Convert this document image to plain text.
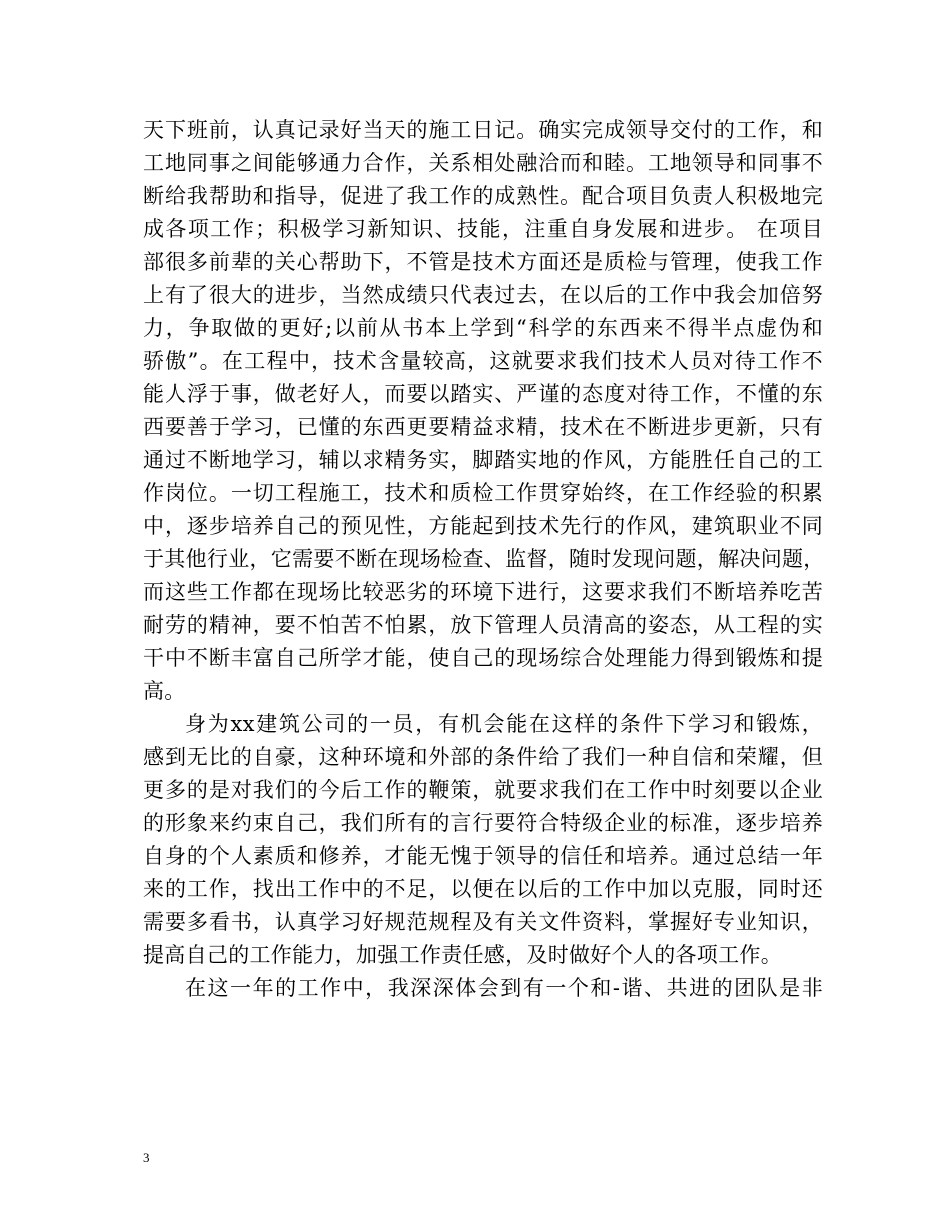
天下班前，认真记录好当天的施工日记。确实完成领导交付的工作，和
工地同事之间能够通力合作，关系相处融洽而和睦。工地领导和同事不
断给我帮助和指导，促进了我工作的成熟性。配合项目负责人积极地完
成各项工作；积极学习新知识、技能，注重自身发展和进步。 在项目
部很多前辈的关心帮助下，不管是技术方面还是质检与管理，使我工作
上有了很大的进步，当然成绩只代表过去，在以后的工作中我会加倍努
力，争取做的更好;以前从书本上学到“科学的东西来不得半点虚伪和
骄傲”。在工程中，技术含量较高，这就要求我们技术人员对待工作不
能人浮于事，做老好人，而要以踏实、严谨的态度对待工作，不懂的东
西要善于学习，已懂的东西更要精益求精，技术在不断进步更新，只有
通过不断地学习，辅以求精务实，脚踏实地的作风，方能胜任自己的工
作岗位。一切工程施工，技术和质检工作贯穿始终，在工作经验的积累
中，逐步培养自己的预见性，方能起到技术先行的作风，建筑职业不同
于其他行业，它需要不断在现场检查、监督，随时发现问题，解决问题，
而这些工作都在现场比较恶劣的环境下进行，这要求我们不断培养吃苦
耐劳的精神，要不怕苦不怕累，放下管理人员清高的姿态，从工程的实
干中不断丰富自己所学才能，使自己的现场综合处理能力得到锻炼和提
高。
身为xx建筑公司的一员，有机会能在这样的条件下学习和锻炼，
感到无比的自豪，这种环境和外部的条件给了我们一种自信和荣耀，但
更多的是对我们的今后工作的鞭策，就要求我们在工作中时刻要以企业
的形象来约束自己，我们所有的言行要符合特级企业的标准，逐步培养
自身的个人素质和修养，才能无愧于领导的信任和培养。通过总结一年
来的工作，找出工作中的不足，以便在以后的工作中加以克服，同时还
需要多看书，认真学习好规范规程及有关文件资料，掌握好专业知识，
提高自己的工作能力，加强工作责任感，及时做好个人的各项工作。
在这一年的工作中，我深深体会到有一个和-谐、共进的团队是非
3
